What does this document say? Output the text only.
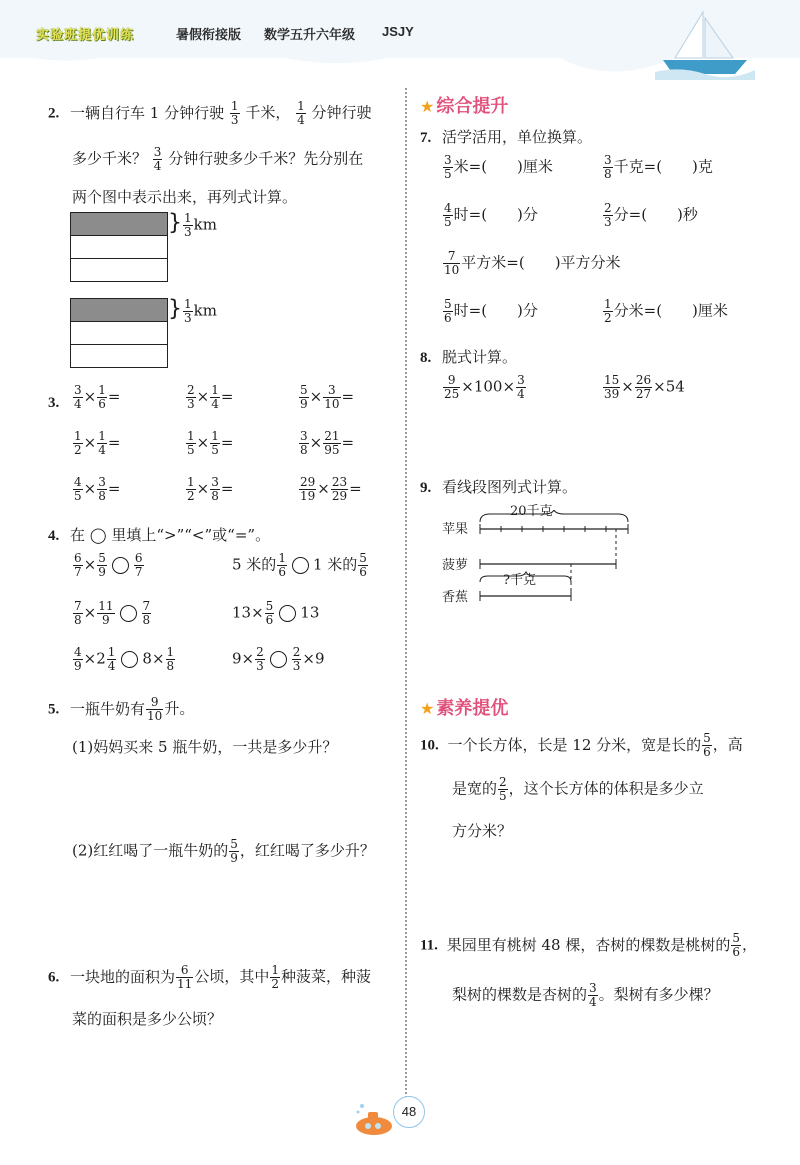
实验班提优训练	暑假衔接版 数学五升六年级 JSJY
2. 一辆自行车 1 分钟行驶 $\frac{1}{3}$ 千米， $\frac{1}{4}$ 分钟行驶
多少千米？ $\frac{3}{4}$ 分钟行驶多少千米？先分别在
两个图中表示出来，再列式计算。
} $\frac{1}{3}$ km
} $\frac{1}{3}$ km
3. $\frac{3}{4} \times \frac{1}{6}$ =	$\frac{2}{3} \times \frac{1}{4}$ =	$\frac{5}{9} \times \frac{3}{10}$ =
$\frac{1}{2} \times \frac{1}{4}$ =	$\frac{1}{5} \times \frac{1}{5}$ =	$\frac{3}{8} \times \frac{21}{95}$ =
$\frac{4}{5} \times \frac{3}{8}$ =	$\frac{1}{2} \times \frac{3}{8}$ =	$\frac{29}{19} \times \frac{23}{29}$ =
4. 在 ◯ 里填上“>”“<”或“=”。
$\frac{6}{7} \times \frac{5}{9} \frac{6}{7}$	5 米的 $\frac{1}{6} 1$ 米的 $\frac{5}{6}$
$\frac{7}{8} \times \frac{11}{9} \frac{7}{8}$	$13\times \frac{5}{6} 13$
$\frac{4}{9} \times 2 \frac{1}{4} 8\times \frac{1}{8}$	$9\times \frac{2}{3} \frac{2}{3} \times 9$
5. 一瓶牛奶有 $\frac{9}{10}$ 升。
(1)妈妈买来 5 瓶牛奶，一共是多少升？
(2)红红喝了一瓶牛奶的 $\frac{5}{9}$ ，红红喝了多少升？
6. 一块地的面积为 $\frac{6}{11}$ 公顷，其中 $\frac{1}{2}$ 种菠菜，种菠
菜的面积是多少公顷？
★ 综合提升
7. 活学活用，单位换算。
$\frac{3}{5}$ 米=(　　)厘米	$\frac{3}{8}$ 千克=(　　)克
$\frac{4}{5}$ 时=(　　)分	$\frac{2}{3}$ 分=(　　)秒
$\frac{7}{10}$ 平方米=(　　)平方分米
$\frac{5}{6}$ 时=(　　)分	$\frac{1}{2}$ 分米=(　　)厘米
8. 脱式计算。
$\frac{9}{25} \times 100\times \frac{3}{4}$	$\frac{15}{39} \times \frac{26}{27} \times 54$
9. 看线段图列式计算。
苹果
菠萝
香蕉
20千克
?千克
★ 素养提优
10. 一个长方体，长是 12 分米，宽是长的 $\frac{5}{6}$ ，高
是宽的 $\frac{2}{5}$ ，这个长方体的体积是多少立
方分米？
11. 果园里有桃树 48 棵，杏树的棵数是桃树的 $\frac{5}{6}$ ，
梨树的棵数是杏树的 $\frac{3}{4}$ 。梨树有多少棵？
48
